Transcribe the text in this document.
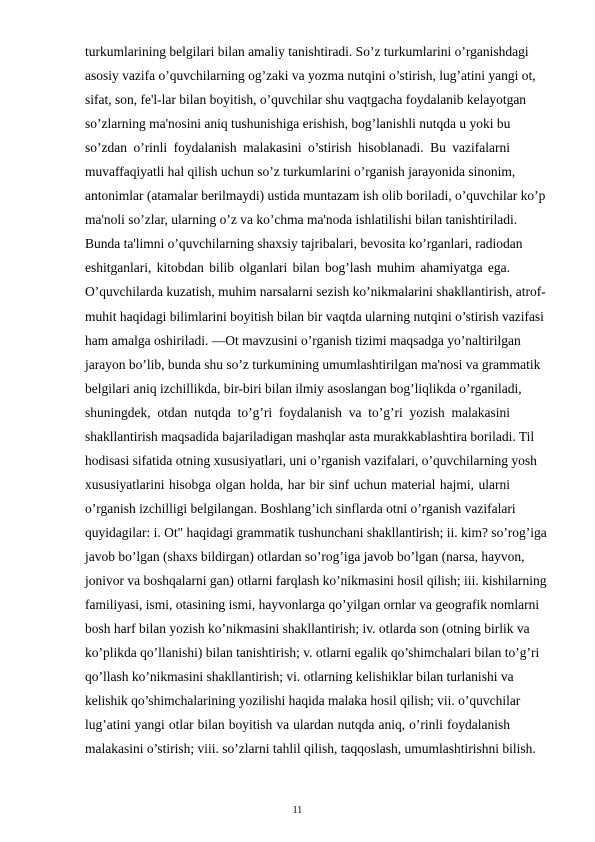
turkumlarining belgilari bilan amaliy tanishtiradi. So’z turkumlarini o’rganishdagi
asosiy vazifa o’quvchilarning og’zaki va yozma nutqini o’stirish, lug’atini yangi ot,
sifat, son, fe'l-lar bilan boyitish, o’quvchilar shu vaqtgacha foydalanib kelayotgan
so’zlarning ma'nosini aniq tushunishiga erishish, bog’lanishli nutqda u yoki bu
so’zdan o’rinli foydalanish malakasini o’stirish hisoblanadi. Bu vazifalarni
muvaffaqiyatli hal qilish uchun so’z turkumlarini o’rganish jarayonida sinonim,
antonimlar (atamalar berilmaydi) ustida muntazam ish olib boriladi, o’quvchilar ko’p
ma'noli so’zlar, ularning o’z va ko’chma ma'noda ishlatilishi bilan tanishtiriladi.
Bunda ta'limni o’quvchilarning shaxsiy tajribalari, bevosita ko’rganlari, radiodan
eshitganlari, kitobdan bilib olganlari bilan bog’lash muhim ahamiyatga ega.
O’quvchilarda kuzatish, muhim narsalarni sezish ko’nikmalarini shakllantirish, atrof-
muhit haqidagi bilimlarini boyitish bilan bir vaqtda ularning nutqini o’stirish vazifasi
ham amalga oshiriladi. ―Ot mavzusini o’rganish tizimi maqsadga yo’naltirilgan
jarayon bo’lib, bunda shu so’z turkumining umumlashtirilgan ma'nosi va grammatik
belgilari aniq izchillikda, bir-biri bilan ilmiy asoslangan bog’liqlikda o’rganiladi,
shuningdek, otdan nutqda to’g’ri foydalanish va to’g’ri yozish malakasini
shakllantirish maqsadida bajariladigan mashqlar asta murakkablashtira boriladi. Til
hodisasi sifatida otning xususiyatlari, uni o’rganish vazifalari, o’quvchilarning yosh
xususiyatlarini hisobga olgan holda, har bir sinf uchun material hajmi, ularni
o’rganish izchilligi belgilangan. Boshlang’ich sinflarda otni o’rganish vazifalari
quyidagilar: i. Ot" haqidagi grammatik tushunchani shakllantirish; ii. kim? so’rog’iga
javob bo’lgan (shaxs bildirgan) otlardan so’rog’iga javob bo’lgan (narsa, hayvon,
jonivor va boshqalarni gan) otlarni farqlash ko’nikmasini hosil qilish; iii. kishilarning
familiyasi, ismi, otasining ismi, hayvonlarga qo’yilgan ornlar va geografik nomlarni
bosh harf bilan yozish ko’nikmasini shakllantirish; iv. otlarda son (otning birlik va
ko’plikda qo’llanishi) bilan tanishtirish; v. otlarni egalik qo’shimchalari bilan to’g’ri
qo’llash ko’nikmasini shakllantirish; vi. otlarning kelishiklar bilan turlanishi va
kelishik qo’shimchalarining yozilishi haqida malaka hosil qilish; vii. o’quvchilar
lug’atini yangi otlar bilan boyitish va ulardan nutqda aniq, o’rinli foydalanish
malakasini o’stirish; viii. so’zlarni tahlil qilish, taqqoslash, umumlashtirishni bilish.
11
